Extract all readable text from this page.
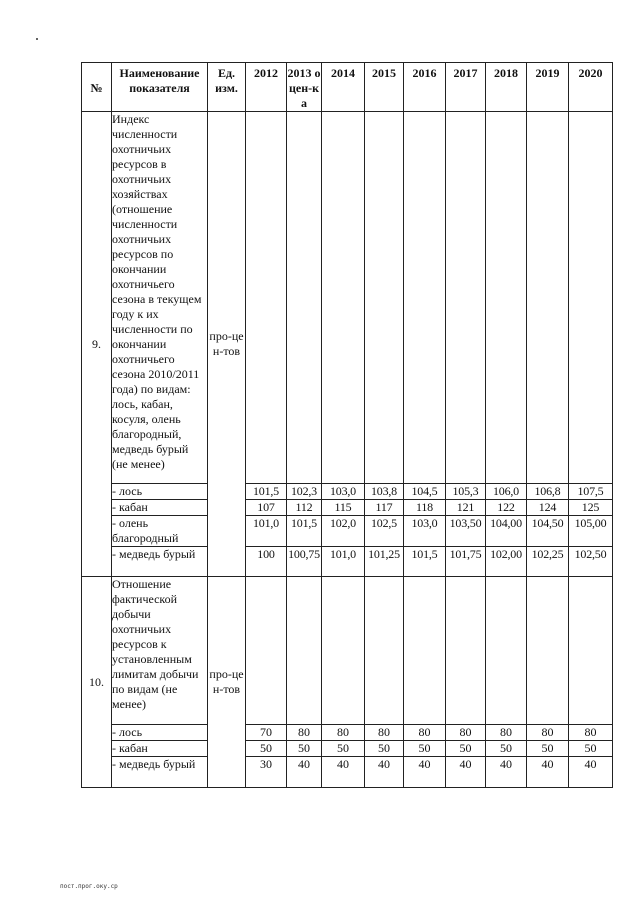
№	Наименование показателя	Ед. изм.	2012	2013 оцен-ка	2014	2015	2016	2017	2018	2019	2020
9.	Индекс численности охотничьих ресурсов в охотничьих хозяйствах (отношение численности охотничьих ресурсов по окончании охотничьего сезона в текущем году к их численности по окончании охотничьего сезона 2010/2011 года) по видам: лось, кабан, косуля, олень благородный, медведь бурый (не менее)	про-цен-тов									
	- лось		101,5	102,3	103,0	103,8	104,5	105,3	106,0	106,8	107,5
	- кабан		107	112	115	117	118	121	122	124	125
	- олень благородный		101,0	101,5	102,0	102,5	103,0	103,50	104,00	104,50	105,00
	- медведь бурый		100	100,75	101,0	101,25	101,5	101,75	102,00	102,25	102,50
10.	Отношение фактической добычи охотничьих ресурсов к установленным лимитам добычи по видам (не менее)	про-цен-тов									
	- лось		70	80	80	80	80	80	80	80	80
	- кабан		50	50	50	50	50	50	50	50	50
	- медведь бурый		30	40	40	40	40	40	40	40	40
пост.прог.оку.ср
